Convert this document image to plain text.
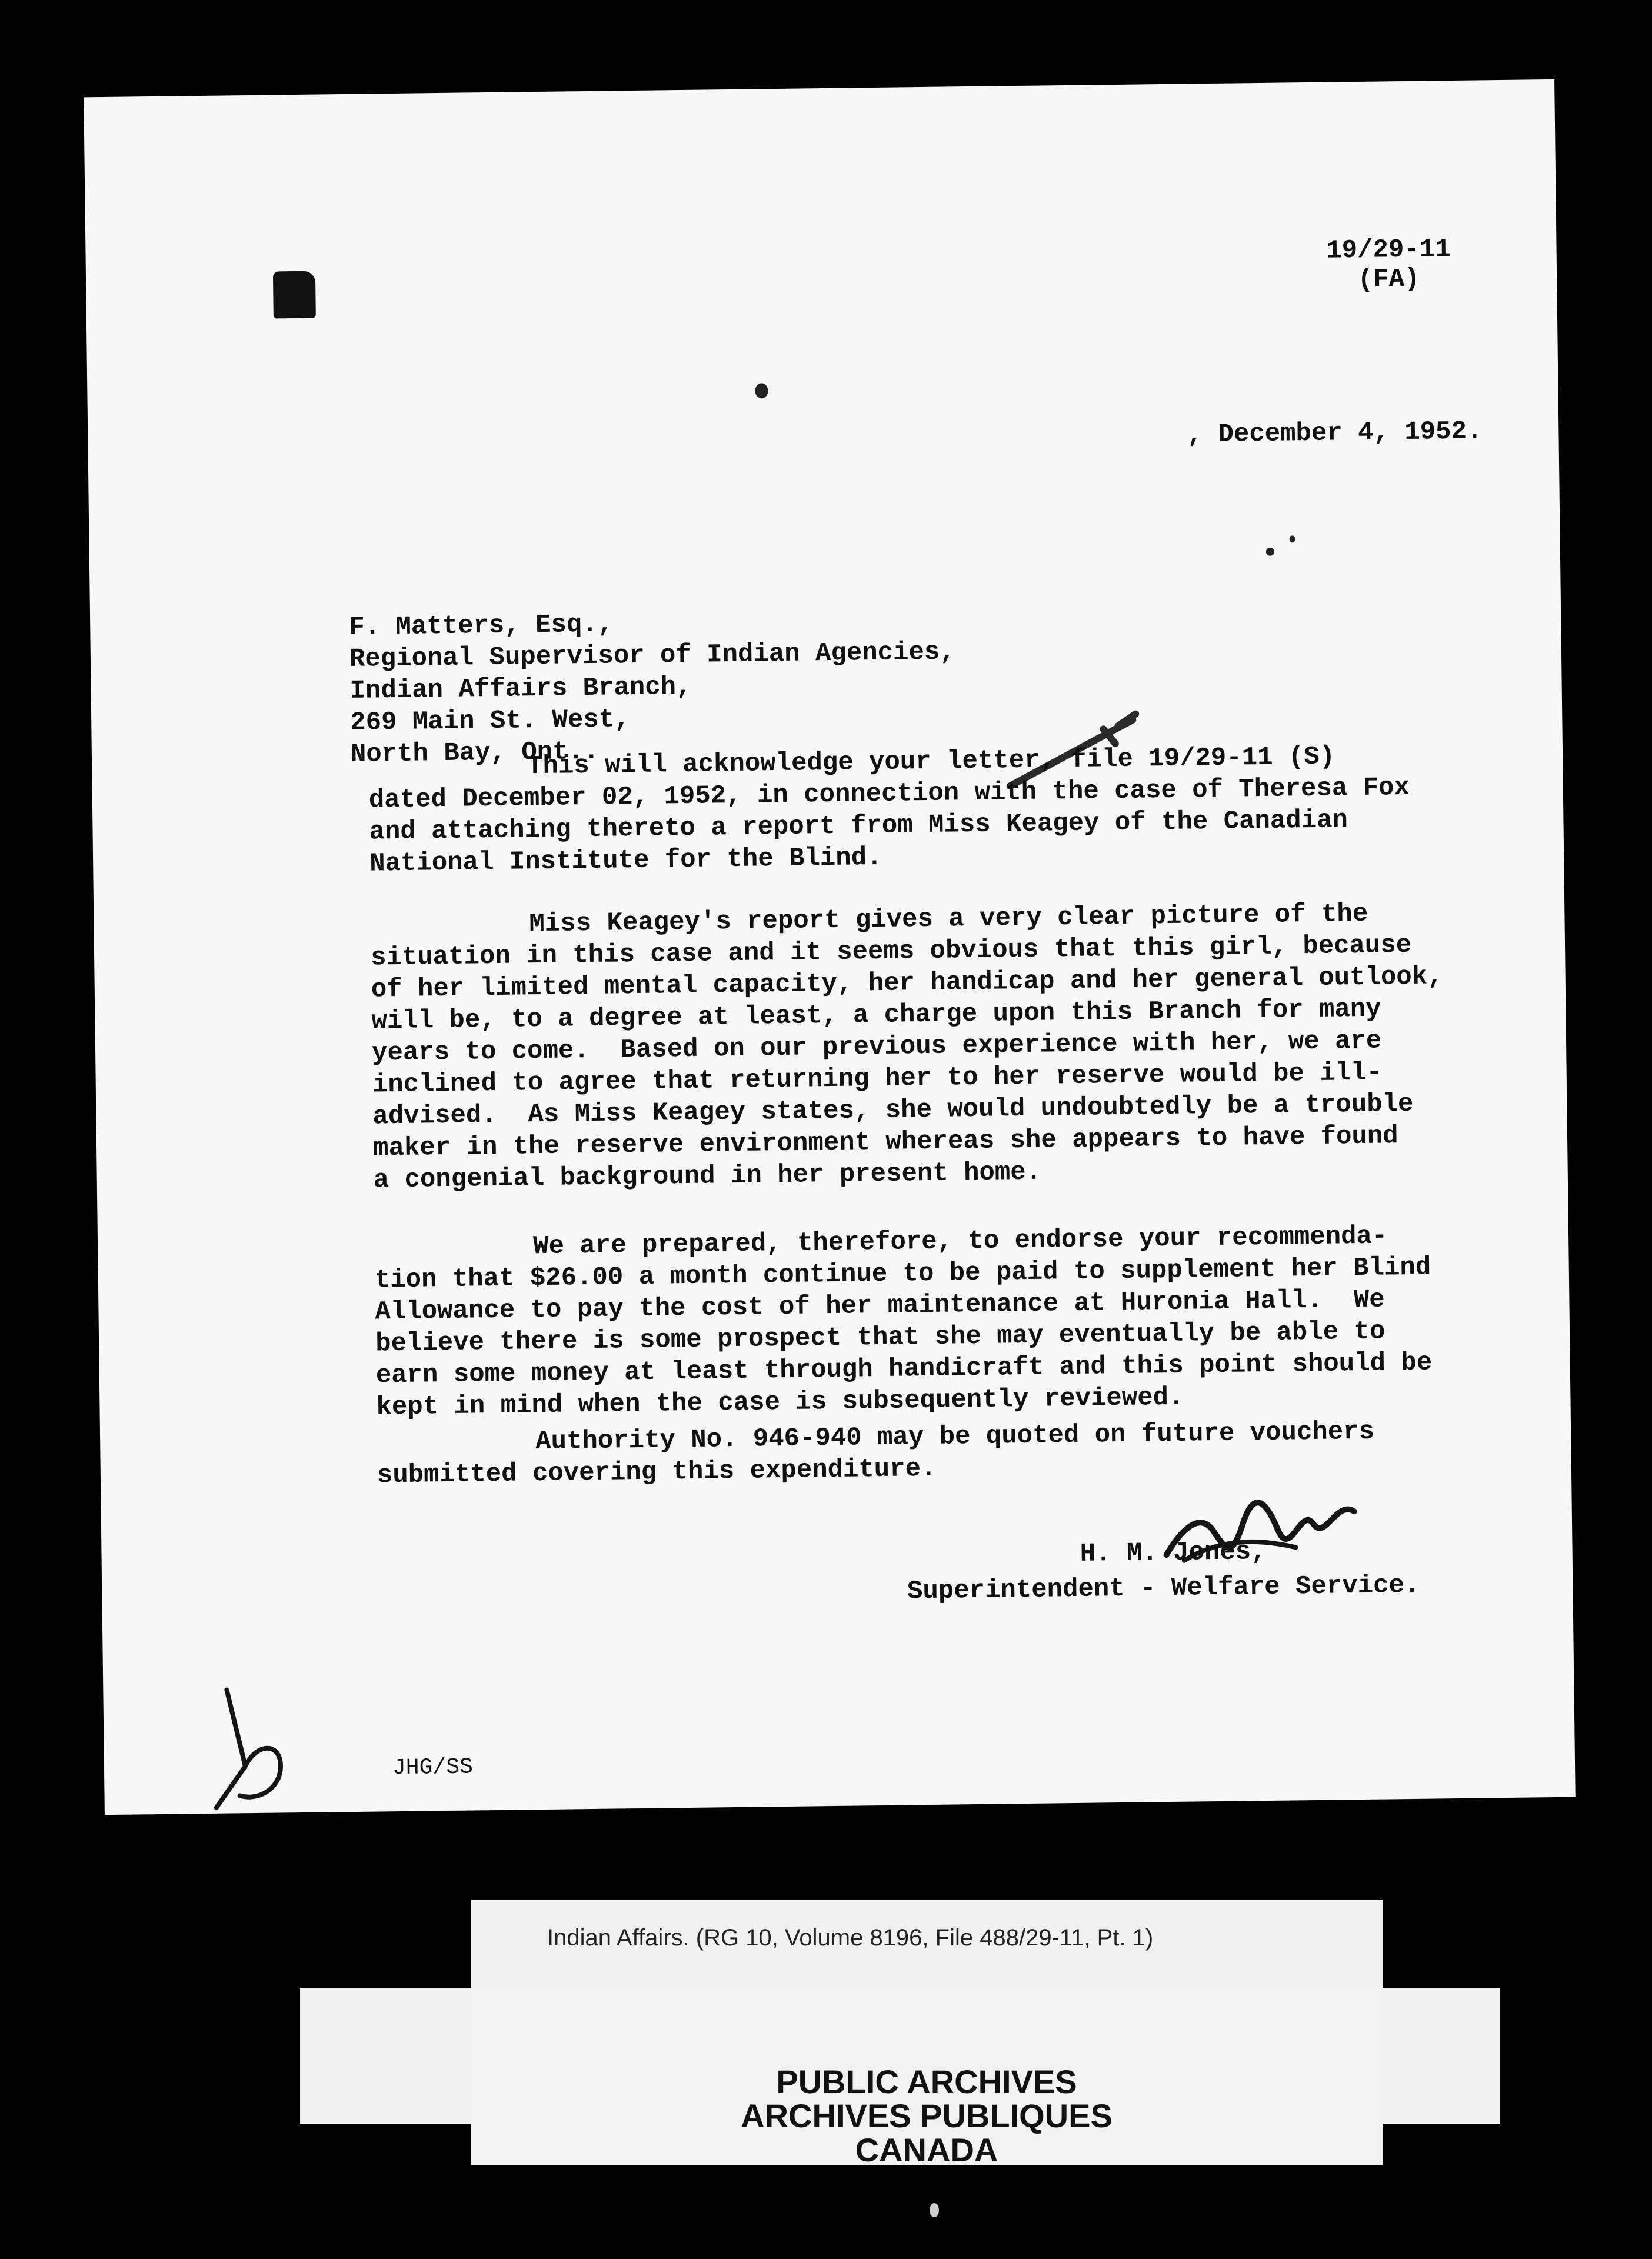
19/29-11
(FA)
, December 4, 1952.
F. Matters, Esq.,
Regional Supervisor of Indian Agencies,
Indian Affairs Branch,
269 Main St. West,
North Bay, Ont..
This will acknowledge your letter, file 19/29-11 (S)
dated December 02, 1952, in connection with the case of Theresa Fox
and attaching thereto a report from Miss Keagey of the Canadian
National Institute for the Blind.
Miss Keagey's report gives a very clear picture of the
situation in this case and it seems obvious that this girl, because
of her limited mental capacity, her handicap and her general outlook,
will be, to a degree at least, a charge upon this Branch for many
years to come.  Based on our previous experience with her, we are
inclined to agree that returning her to her reserve would be ill-
advised.  As Miss Keagey states, she would undoubtedly be a trouble
maker in the reserve environment whereas she appears to have found
a congenial background in her present home.
We are prepared, therefore, to endorse your recommenda-
tion that $26.00 a month continue to be paid to supplement her Blind
Allowance to pay the cost of her maintenance at Huronia Hall.  We
believe there is some prospect that she may eventually be able to
earn some money at least through handicraft and this point should be
kept in mind when the case is subsequently reviewed.
Authority No. 946-940 may be quoted on future vouchers
submitted covering this expenditure.
H. M. Jones,
Superintendent - Welfare Service.
JHG/SS
Indian Affairs. (RG 10, Volume 8196, File 488/29-11, Pt. 1)
PUBLIC ARCHIVES
ARCHIVES PUBLIQUES
CANADA
